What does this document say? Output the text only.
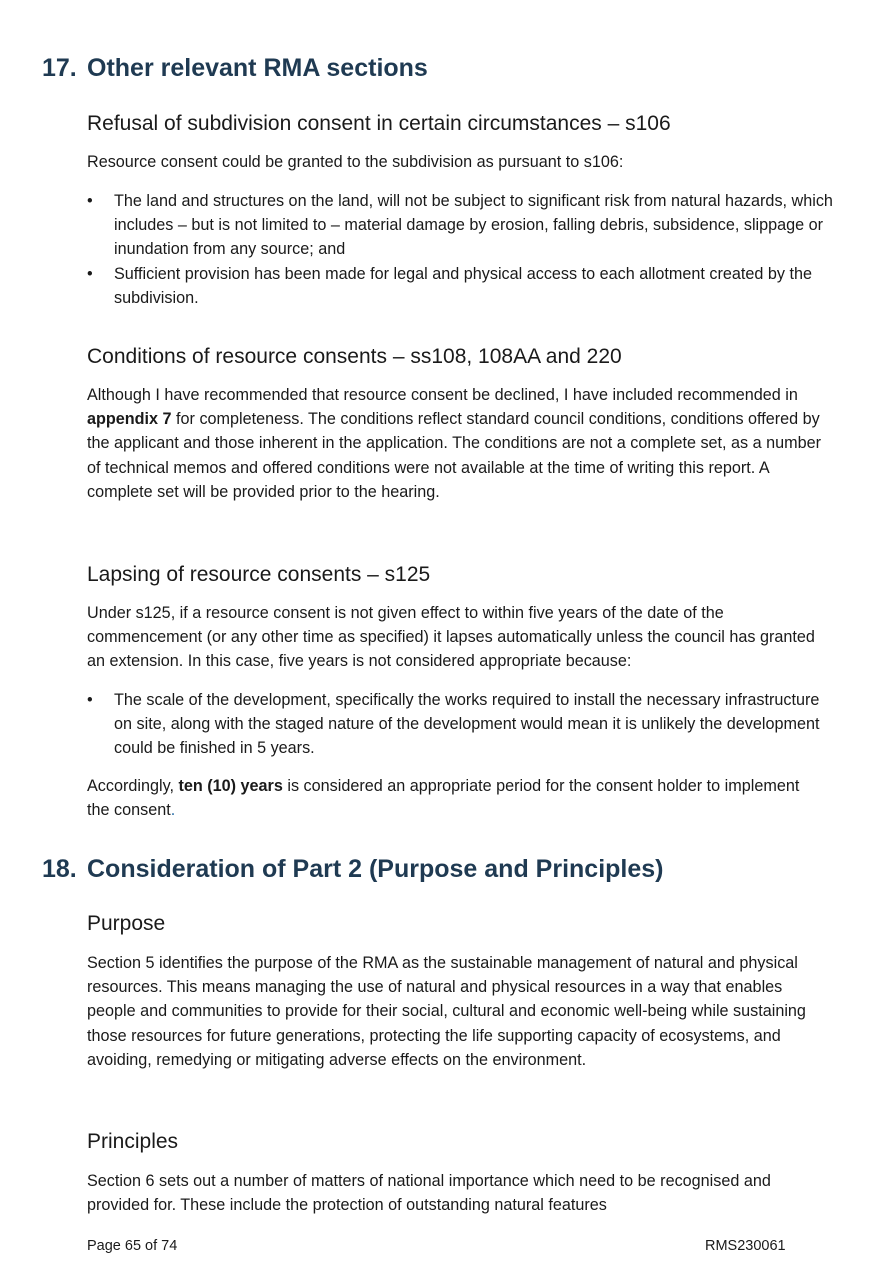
17. Other relevant RMA sections
Refusal of subdivision consent in certain circumstances – s106
Resource consent could be granted to the subdivision as pursuant to s106:
•	The land and structures on the land, will not be subject to significant risk from natural hazards, which includes – but is not limited to – material damage by erosion, falling debris, subsidence, slippage or inundation from any source; and
•	Sufficient provision has been made for legal and physical access to each allotment created by the subdivision.
Conditions of resource consents – ss108, 108AA and 220
Although I have recommended that resource consent be declined, I have included recommended in appendix 7 for completeness. The conditions reflect standard council conditions, conditions offered by the applicant and those inherent in the application. The conditions are not a complete set, as a number of technical memos and offered conditions were not available at the time of writing this report. A complete set will be provided prior to the hearing.
Lapsing of resource consents – s125
Under s125, if a resource consent is not given effect to within five years of the date of the commencement (or any other time as specified) it lapses automatically unless the council has granted an extension. In this case, five years is not considered appropriate because:
•	The scale of the development, specifically the works required to install the necessary infrastructure on site, along with the staged nature of the development would mean it is unlikely the development could be finished in 5 years.
Accordingly, ten (10) years is considered an appropriate period for the consent holder to implement the consent.
18. Consideration of Part 2 (Purpose and Principles)
Purpose
Section 5 identifies the purpose of the RMA as the sustainable management of natural and physical resources. This means managing the use of natural and physical resources in a way that enables people and communities to provide for their social, cultural and economic well-being while sustaining those resources for future generations, protecting the life supporting capacity of ecosystems, and avoiding, remedying or mitigating adverse effects on the environment.
Principles
Section 6 sets out a number of matters of national importance which need to be recognised and provided for. These include the protection of outstanding natural features
Page 65 of 74	RMS230061
